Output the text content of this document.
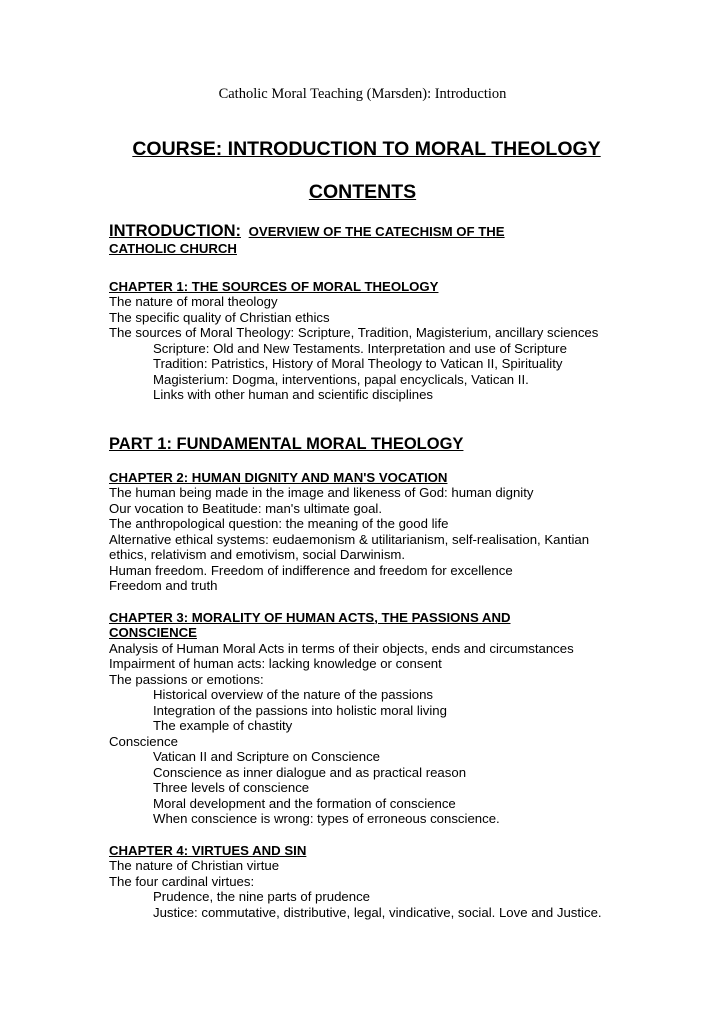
Catholic Moral Teaching (Marsden): Introduction
COURSE: INTRODUCTION TO MORAL THEOLOGY
CONTENTS
INTRODUCTION: OVERVIEW OF THE CATECHISM OF THE
CATHOLIC CHURCH
CHAPTER 1: THE SOURCES OF MORAL THEOLOGY
The nature of moral theology
The specific quality of Christian ethics
The sources of Moral Theology: Scripture, Tradition, Magisterium, ancillary sciences
Scripture: Old and New Testaments. Interpretation and use of Scripture
Tradition: Patristics, History of Moral Theology to Vatican II, Spirituality
Magisterium: Dogma, interventions, papal encyclicals, Vatican II.
Links with other human and scientific disciplines
PART 1: FUNDAMENTAL MORAL THEOLOGY
CHAPTER 2: HUMAN DIGNITY AND MAN'S VOCATION
The human being made in the image and likeness of God: human dignity
Our vocation to Beatitude: man's ultimate goal.
The anthropological question: the meaning of the good life
Alternative ethical systems: eudaemonism & utilitarianism, self-realisation, Kantian
ethics, relativism and emotivism, social Darwinism.
Human freedom. Freedom of indifference and freedom for excellence
Freedom and truth
CHAPTER 3: MORALITY OF HUMAN ACTS, THE PASSIONS AND
CONSCIENCE
Analysis of Human Moral Acts in terms of their objects, ends and circumstances
Impairment of human acts: lacking knowledge or consent
The passions or emotions:
Historical overview of the nature of the passions
Integration of the passions into holistic moral living
The example of chastity
Conscience
Vatican II and Scripture on Conscience
Conscience as inner dialogue and as practical reason
Three levels of conscience
Moral development and the formation of conscience
When conscience is wrong: types of erroneous conscience.
CHAPTER 4: VIRTUES AND SIN
The nature of Christian virtue
The four cardinal virtues:
Prudence, the nine parts of prudence
Justice: commutative, distributive, legal, vindicative, social. Love and Justice.
